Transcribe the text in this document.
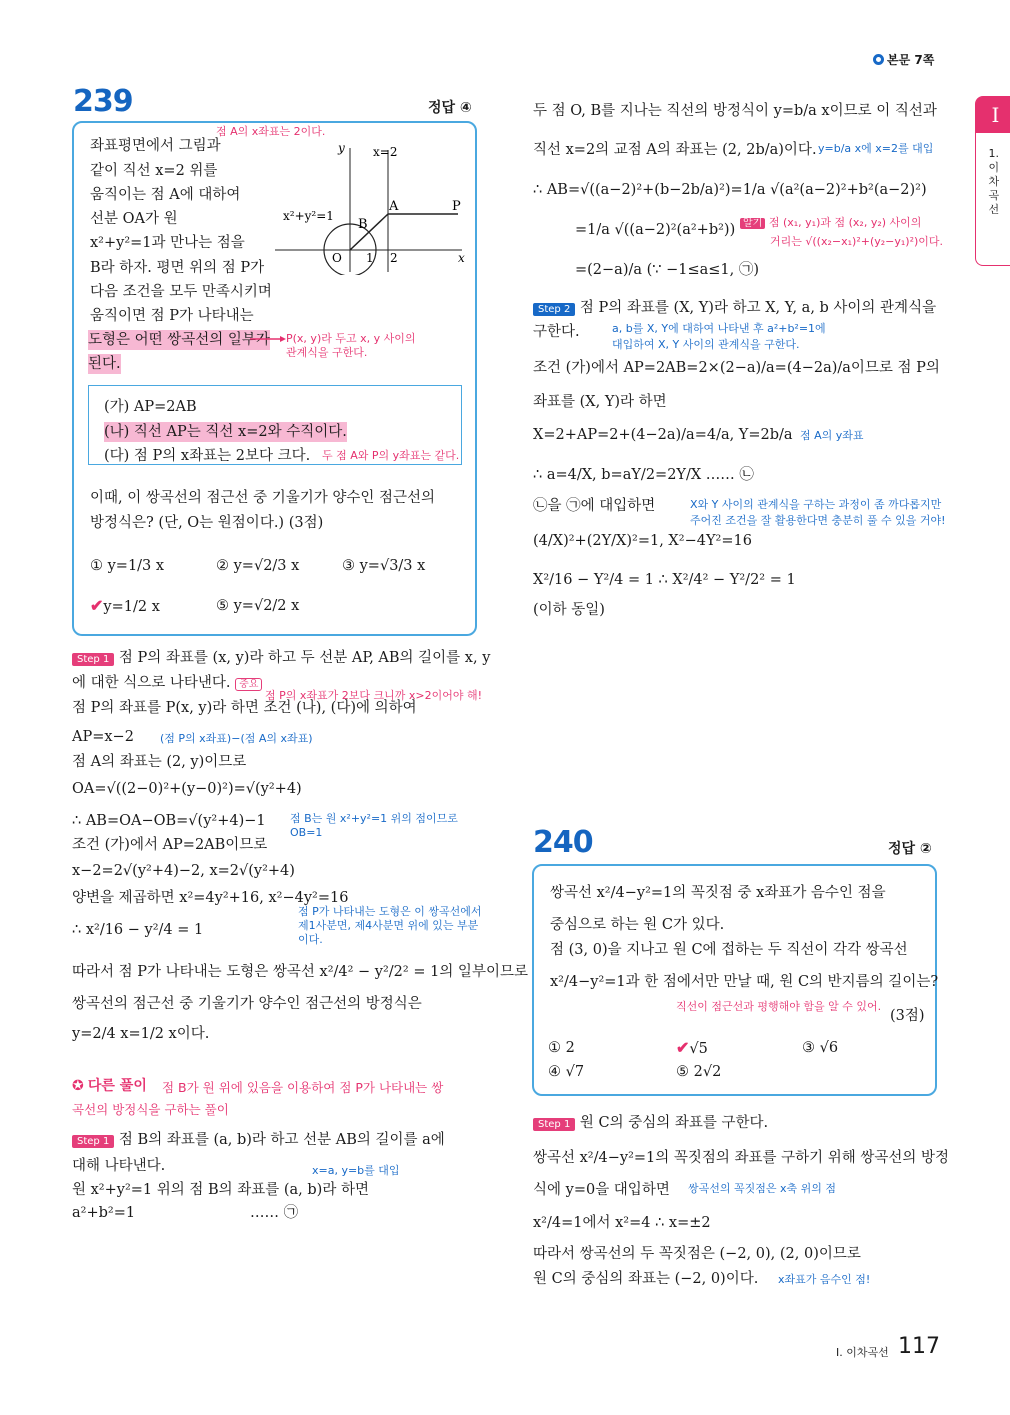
본문 7쪽
I
1. 이차곡선
239	정답 ④
점 A의 x좌표는 2이다.
좌표평면에서 그림과
같이 직선 x=2 위를
움직이는 점 A에 대하여
선분 OA가 원
x²+y²=1과 만나는 점을
B라 하자. 평면 위의 점 P가
다음 조건을 모두 만족시키며
움직이면 점 P가 나타내는
도형은 어떤 쌍곡선의 일부가
된다.
P(x, y)라 두고 x, y 사이의 관계식을 구한다.
y
x
x=2
x²+y²=1
O 1 2
A
B
P
(가) AP=2AB
(나) 직선 AP는 직선 x=2와 수직이다.
(다) 점 P의 x좌표는 2보다 크다. 두 점 A와 P의 y좌표는 같다.
이때, 이 쌍곡선의 점근선 중 기울기가 양수인 점근선의
방정식은? (단, O는 원점이다.) (3점)
① y=1/3 x	② y=√2/3 x	③ y=√3/3 x
✔y=1/2 x	⑤ y=√2/2 x
Step 1 점 P의 좌표를 (x, y)라 하고 두 선분 AP, AB의 길이를 x, y
에 대한 식으로 나타낸다. 중요
점 P의 x좌표가 2보다 크니까 x>2이어야 해!
점 P의 좌표를 P(x, y)라 하면 조건 (나), (다)에 의하여
AP=x−2 (점 P의 x좌표)−(점 A의 x좌표)
점 A의 좌표는 (2, y)이므로
OA=√((2−0)²+(y−0)²)=√(y²+4)
∴ AB=OA−OB=√(y²+4)−1 점 B는 원 x²+y²=1 위의 점이므로 OB=1
조건 (가)에서 AP=2AB이므로
x−2=2√(y²+4)−2, x=2√(y²+4)
양변을 제곱하면 x²=4y²+16, x²−4y²=16
∴ x²/16 − y²/4 = 1
점 P가 나타내는 도형은 이 쌍곡선에서 제1사분면, 제4사분면 위에 있는 부분이다.
따라서 점 P가 나타내는 도형은 쌍곡선 x²/4² − y²/2² = 1의 일부이므로
쌍곡선의 점근선 중 기울기가 양수인 점근선의 방정식은
y=2/4 x=1/2 x이다.
✪ 다른 풀이	점 B가 원 위에 있음을 이용하여 점 P가 나타내는 쌍곡선의 방정식을 구하는 풀이
Step 1 점 B의 좌표를 (a, b)라 하고 선분 AB의 길이를 a에 대해 나타낸다.	x=a, y=b를 대입
원 x²+y²=1 위의 점 B의 좌표를 (a, b)라 하면
a²+b²=1	…… ㉠
두 점 O, B를 지나는 직선의 방정식이 y=b/a x이므로 이 직선과
직선 x=2의 교점 A의 좌표는 (2, 2b/a)이다. y=b/a x에 x=2를 대입
∴ AB=√((a−2)²+(b−2b/a)²)=1/a √(a²(a−2)²+b²(a−2)²)
=1/a √((a−2)²(a²+b²)) 알기 점 (x₁, y₁)과 점 (x₂, y₂) 사이의
거리는 √((x₂−x₁)²+(y₂−y₁)²)이다.
=(2−a)/a (∵ −1≤a≤1, ㉠)
Step 2 점 P의 좌표를 (X, Y)라 하고 X, Y, a, b 사이의 관계식을
구한다.	a, b를 X, Y에 대하여 나타낸 후 a²+b²=1에
대입하여 X, Y 사이의 관계식을 구한다.
조건 (가)에서 AP=2AB=2×(2−a)/a=(4−2a)/a이므로 점 P의
좌표를 (X, Y)라 하면
X=2+AP=2+(4−2a)/a=4/a, Y=2b/a 점 A의 y좌표
∴ a=4/X, b=aY/2=2Y/X …… ㉡
㉡을 ㉠에 대입하면	X와 Y 사이의 관계식을 구하는 과정이 좀 까다롭지만
주어진 조건을 잘 활용한다면 충분히 풀 수 있을 거야!
(4/X)²+(2Y/X)²=1, X²−4Y²=16
X²/16 − Y²/4 = 1 ∴ X²/4² − Y²/2² = 1
(이하 동일)
240	정답 ②
쌍곡선 x²/4−y²=1의 꼭짓점 중 x좌표가 음수인 점을
중심으로 하는 원 C가 있다.
점 (3, 0)을 지나고 원 C에 접하는 두 직선이 각각 쌍곡선
x²/4−y²=1과 한 점에서만 만날 때, 원 C의 반지름의 길이는?
직선이 점근선과 평행해야 함을 알 수 있어.
(3점)
① 2	✔√5	③ √6
④ √7	⑤ 2√2
Step 1 원 C의 중심의 좌표를 구한다.
쌍곡선 x²/4−y²=1의 꼭짓점의 좌표를 구하기 위해 쌍곡선의 방정
식에 y=0을 대입하면 쌍곡선의 꼭짓점은 x축 위의 점
x²/4=1에서 x²=4 ∴ x=±2
따라서 쌍곡선의 두 꼭짓점은 (−2, 0), (2, 0)이므로
원 C의 중심의 좌표는 (−2, 0)이다. x좌표가 음수인 점!
Ⅰ. 이차곡선 117
